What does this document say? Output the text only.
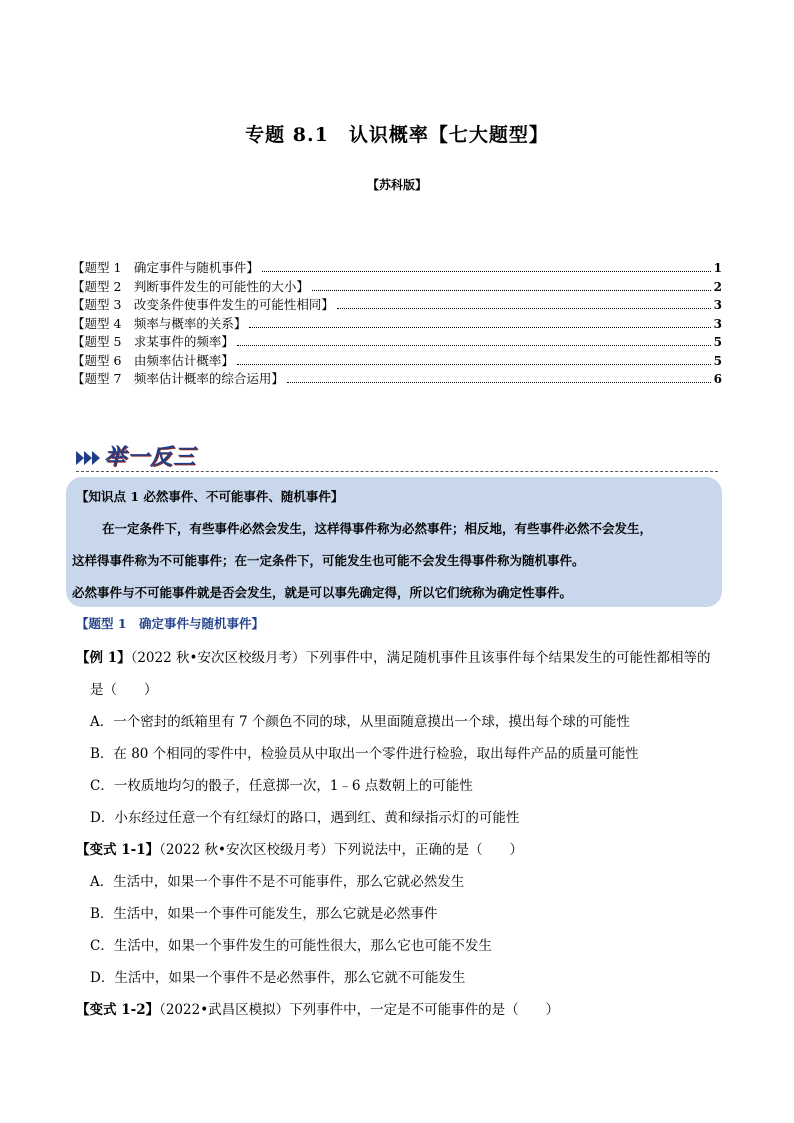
专题 8.1　认识概率【七大题型】
【苏科版】
【题型 1　确定事件与随机事件】	1
【题型 2　判断事件发生的可能性的大小】	2
【题型 3　改变条件使事件发生的可能性相同】	3
【题型 4　频率与概率的关系】	3
【题型 5　求某事件的频率】	5
【题型 6　由频率估计概率】	5
【题型 7　频率估计概率的综合运用】	6
举一反三
【知识点 1 必然事件、不可能事件、随机事件】
在一定条件下，有些事件必然会发生，这样得事件称为必然事件；相反地，有些事件必然不会发生，
这样得事件称为不可能事件；在一定条件下，可能发生也可能不会发生得事件称为随机事件。
必然事件与不可能事件就是否会发生，就是可以事先确定得，所以它们统称为确定性事件。
【题型 1　确定事件与随机事件】
【例 1】（2022 秋•安次区校级月考）下列事件中，满足随机事件且该事件每个结果发生的可能性都相等的
是（　　）
A．一个密封的纸箱里有 7 个颜色不同的球，从里面随意摸出一个球，摸出每个球的可能性
B．在 80 个相同的零件中，检验员从中取出一个零件进行检验，取出每件产品的质量可能性
C．一枚质地均匀的骰子，任意掷一次，1﹣6 点数朝上的可能性
D．小东经过任意一个有红绿灯的路口，遇到红、黄和绿指示灯的可能性
【变式 1-1】（2022 秋•安次区校级月考）下列说法中，正确的是（　　）
A．生活中，如果一个事件不是不可能事件，那么它就必然发生
B．生活中，如果一个事件可能发生，那么它就是必然事件
C．生活中，如果一个事件发生的可能性很大，那么它也可能不发生
D．生活中，如果一个事件不是必然事件，那么它就不可能发生
【变式 1-2】（2022•武昌区模拟）下列事件中，一定是不可能事件的是（　　）
